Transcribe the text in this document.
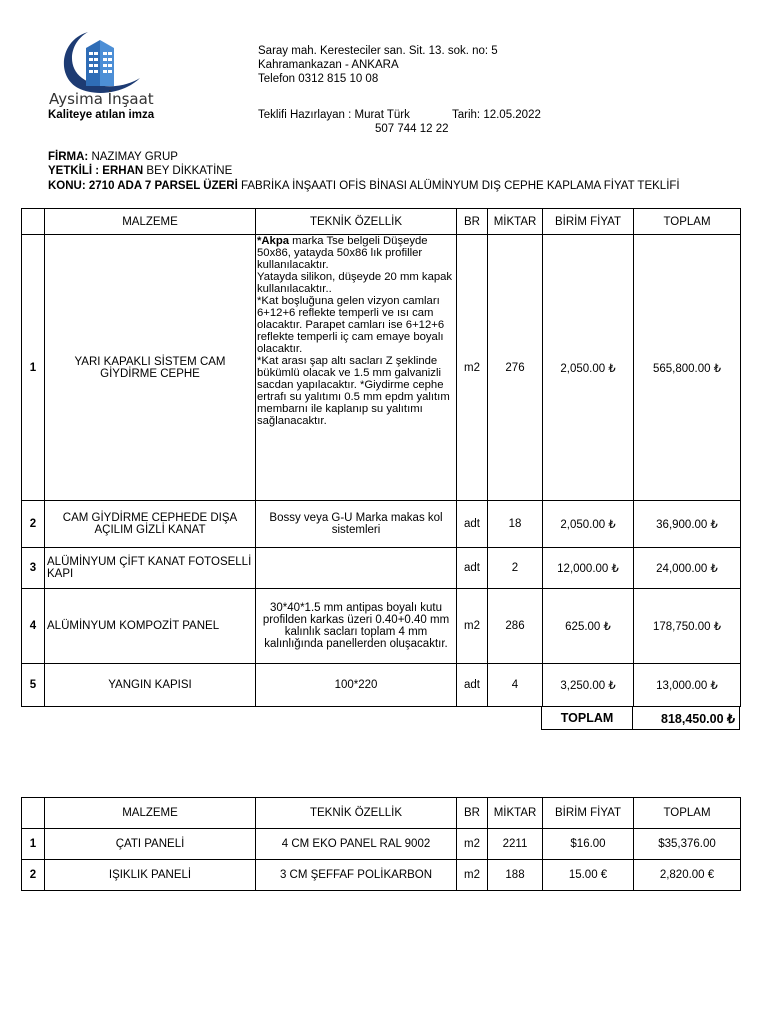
Aysima İnşaat
Kaliteye atılan imza
Saray mah. Keresteciler san. Sit. 13. sok. no: 5
Kahramankazan - ANKARA
Telefon 0312 815 10 08
Teklifi Hazırlayan : Murat Türk	Tarih: 12.05.2022
507 744 12 22
FİRMA: NAZIMAY GRUP
YETKİLİ : ERHAN BEY DİKKATİNE
KONU: 2710 ADA 7 PARSEL ÜZERİ FABRİKA İNŞAATI OFİS BİNASI ALÜMİNYUM DIŞ CEPHE KAPLAMA FİYAT TEKLİFİ
	MALZEME	TEKNİK ÖZELLİK	BR	MİKTAR	BİRİM FİYAT	TOPLAM
1	YARI KAPAKLI SİSTEM CAM GİYDİRME CEPHE	*Akpa marka Tse belgeli Düşeyde 50x86, yatayda 50x86 lık profiller kullanılacaktır.
Yatayda silikon, düşeyde 20 mm kapak kullanılacaktır..
*Kat boşluğuna gelen vizyon camları 6+12+6 reflekte temperli ve ısı cam olacaktır. Parapet camları ise 6+12+6 reflekte temperli iç cam emaye boyalı olacaktır.
*Kat arası şap altı sacları Z şeklinde bükümlü olacak ve 1.5 mm galvanizli sacdan yapılacaktır. *Giydirme cephe ertrafı su yalıtımı 0.5 mm epdm yalıtım membarnı ile kaplanıp su yalıtımı sağlanacaktır.	m2	276	2,050.00 ₺	565,800.00 ₺
2	CAM GİYDİRME CEPHEDE DIŞA AÇILIM GİZLİ KANAT	Bossy veya G-U Marka makas kol sistemleri	adt	18	2,050.00 ₺	36,900.00 ₺
3	ALÜMİNYUM ÇİFT KANAT FOTOSELLİ KAPI		adt	2	12,000.00 ₺	24,000.00 ₺
4	ALÜMİNYUM KOMPOZİT PANEL	30*40*1.5 mm antipas boyalı kutu profilden karkas üzeri 0.40+0.40 mm kalınlık sacları toplam 4 mm kalınlığında panellerden oluşacaktır.	m2	286	625.00 ₺	178,750.00 ₺
5	YANGIN KAPISI	100*220	adt	4	3,250.00 ₺	13,000.00 ₺
TOPLAM	818,450.00 ₺
	MALZEME	TEKNİK ÖZELLİK	BR	MİKTAR	BİRİM FİYAT	TOPLAM
1	ÇATI PANELİ	4 CM EKO PANEL RAL 9002	m2	2211	$16.00	$35,376.00
2	IŞIKLIK PANELİ	3 CM ŞEFFAF POLİKARBON	m2	188	15.00 €	2,820.00 €
